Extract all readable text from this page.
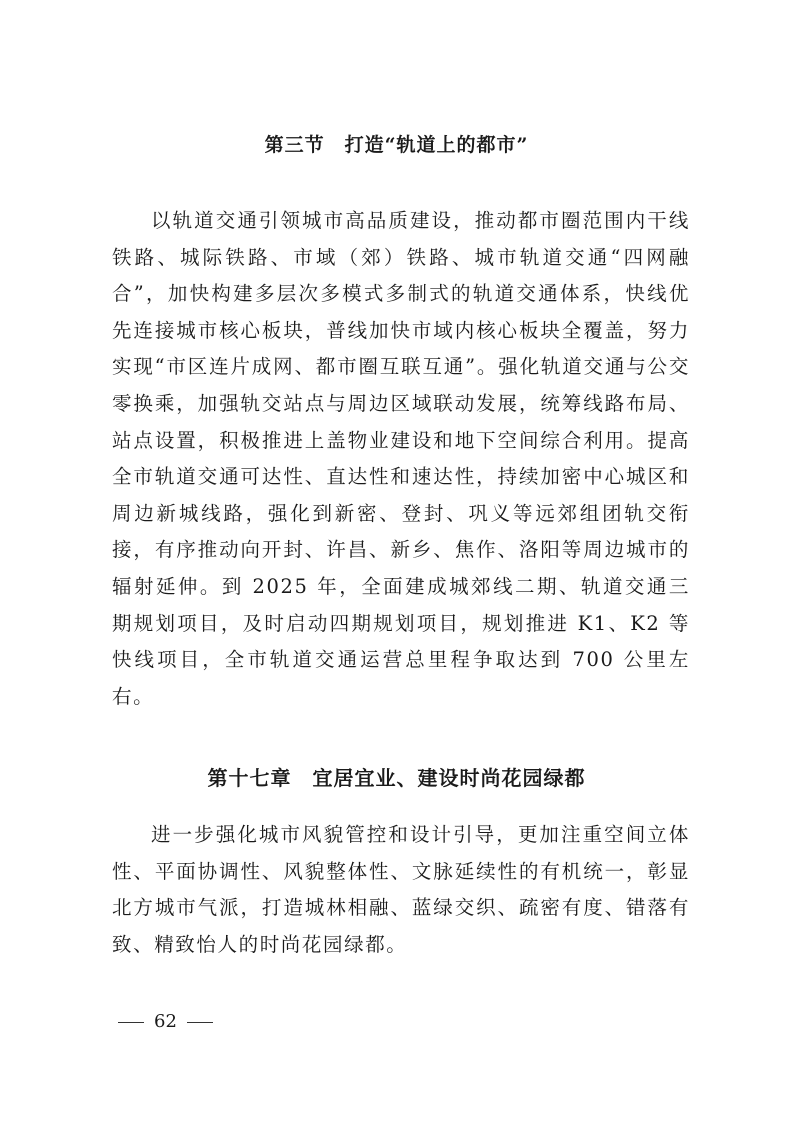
第三节　打造“轨道上的都市”

以轨道交通引领城市高品质建设，推动都市圈范围内干线铁路、城际铁路、市域（郊）铁路、城市轨道交通“四网融合”，加快构建多层次多模式多制式的轨道交通体系，快线优先连接城市核心板块，普线加快市域内核心板块全覆盖，努力实现“市区连片成网、都市圈互联互通”。强化轨道交通与公交零换乘，加强轨交站点与周边区域联动发展，统筹线路布局、站点设置，积极推进上盖物业建设和地下空间综合利用。提高全市轨道交通可达性、直达性和速达性，持续加密中心城区和周边新城线路，强化到新密、登封、巩义等远郊组团轨交衔接，有序推动向开封、许昌、新乡、焦作、洛阳等周边城市的辐射延伸。到 2025 年，全面建成城郊线二期、轨道交通三期规划项目，及时启动四期规划项目，规划推进 K1、K2 等快线项目，全市轨道交通运营总里程争取达到 700 公里左右。

第十七章　宜居宜业、建设时尚花园绿都

进一步强化城市风貌管控和设计引导，更加注重空间立体性、平面协调性、风貌整体性、文脉延续性的有机统一，彰显北方城市气派，打造城林相融、蓝绿交织、疏密有度、错落有致、精致怡人的时尚花园绿都。

62
